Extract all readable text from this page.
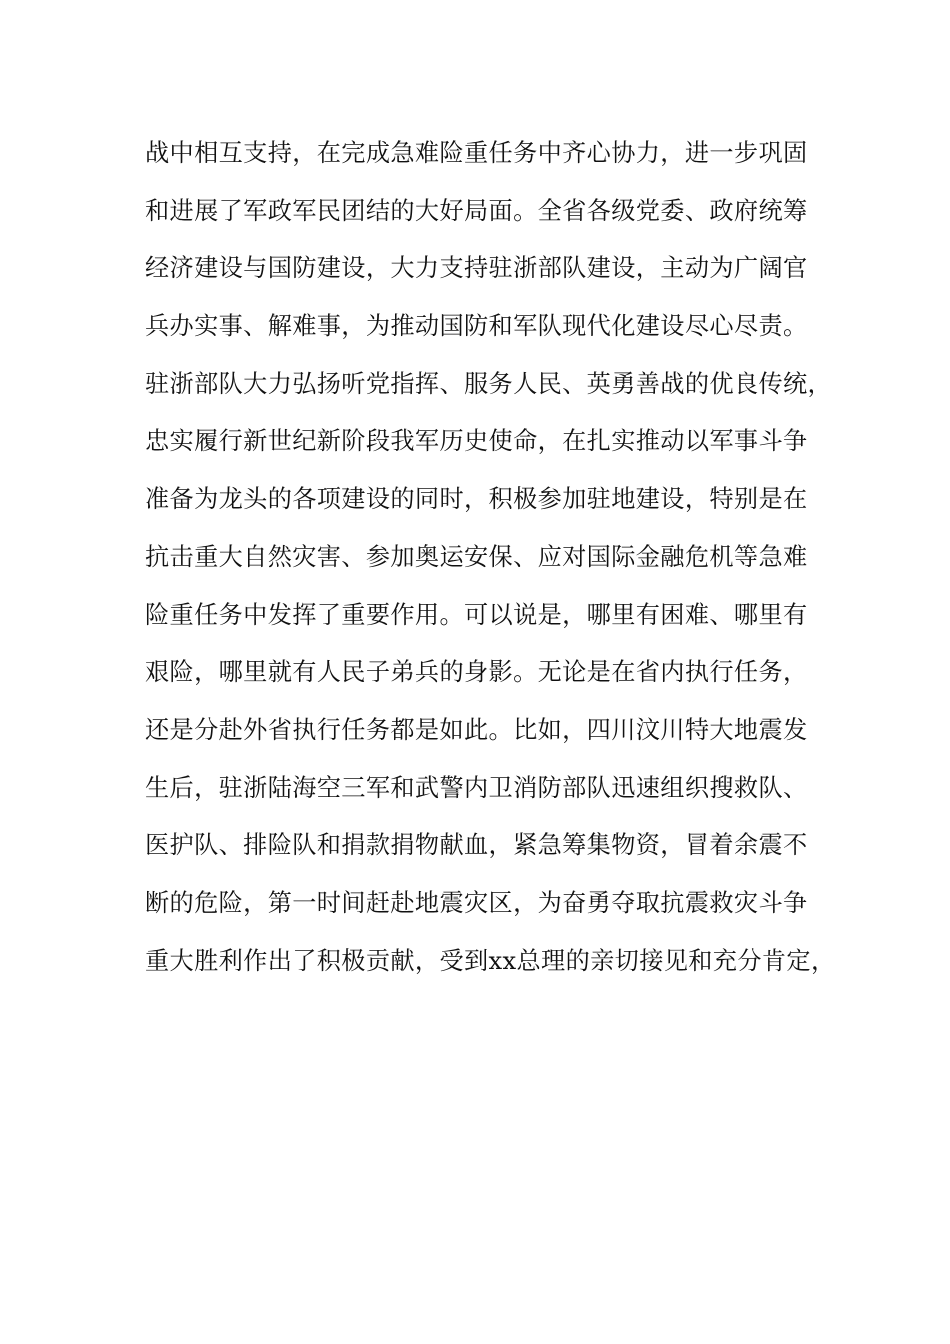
战中相互支持，在完成急难险重任务中齐心协力，进一步巩固
和进展了军政军民团结的大好局面。全省各级党委、政府统筹
经济建设与国防建设，大力支持驻浙部队建设，主动为广阔官
兵办实事、解难事，为推动国防和军队现代化建设尽心尽责。
驻浙部队大力弘扬听党指挥、服务人民、英勇善战的优良传统，
忠实履行新世纪新阶段我军历史使命，在扎实推动以军事斗争
准备为龙头的各项建设的同时，积极参加驻地建设，特别是在
抗击重大自然灾害、参加奥运安保、应对国际金融危机等急难
险重任务中发挥了重要作用。可以说是，哪里有困难、哪里有
艰险，哪里就有人民子弟兵的身影。无论是在省内执行任务，
还是分赴外省执行任务都是如此。比如，四川汶川特大地震发
生后，驻浙陆海空三军和武警内卫消防部队迅速组织搜救队、
医护队、排险队和捐款捐物献血，紧急筹集物资，冒着余震不
断的危险，第一时间赶赴地震灾区，为奋勇夺取抗震救灾斗争
重大胜利作出了积极贡献，受到xx总理的亲切接见和充分肯定，
